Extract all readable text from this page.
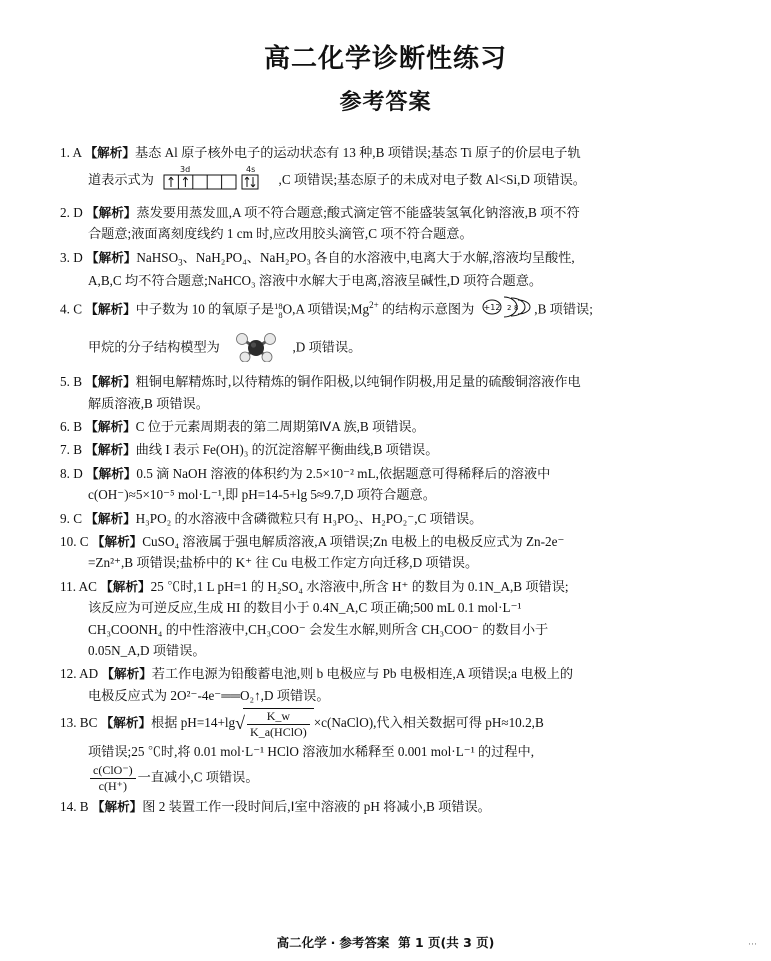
高二化学诊断性练习
参考答案
1. A 【解析】基态 Al 原子核外电子的运动状态有 13 种,B 项错误;基态 Ti 原子的价层电子轨
道表示式为
3d	4s
,C 项错误;基态原子的未成对电子数 Al<Si,D 项错误。
2. D 【解析】蒸发要用蒸发皿,A 项不符合题意;酸式滴定管不能盛装氢氧化钠溶液,B 项不符
合题意;液面离刻度线约 1 cm 时,应改用胶头滴管,C 项不符合题意。
3. D 【解析】NaHSO$_3$、NaH₂PO₄、NaH₂PO₃ 各自的水溶液中,电离大于水解,溶液均呈酸性,
A,B,C 均不符合题意;NaHCO₃ 溶液中水解大于电离,溶液呈碱性,D 项符合题意。
4. C 【解析】中子数为 10 的氧原子是 18
8 O,A 项错误$;Mg^{2+}$ 的结构示意图为 +12 2 8 ,B 项错误;
甲烷的分子结构模型为	,D 项错误。
5. B 【解析】粗铜电解精炼时,以待精炼的铜作阳极,以纯铜作阴极,用足量的硫酸铜溶液作电
解质溶液,B 项错误。
6. B 【解析】C 位于元素周期表的第二周期第ⅣA 族,B 项错误。
7. B 【解析】曲线 I 表示 Fe(OH)₃ 的沉淀溶解平衡曲线,B 项错误。
8. D 【解析】0.5 滴 NaOH 溶液的体积约为 2.5×10⁻² mL,依据题意可得稀释后的溶液中
c(OH⁻)≈5×10⁻⁵ mol·L⁻¹,即 pH=14-5+lg 5≈9.7,D 项符合题意。
9. C 【解析】H₃PO₂ 的水溶液中含磷微粒只有 H₃PO₂、H₂PO₂⁻,C 项错误。
10. C 【解析】CuSO₄ 溶液属于强电解质溶液,A 项错误;Zn 电极上的电极反应式为 Zn-2e⁻
=Zn²⁺,B 项错误;盐桥中的 K⁺ 往 Cu 电极工作定方向迁移,D 项错误。
11. AC 【解析】25 ℃时,1 L pH=1 的 H₂SO₄ 水溶液中,所含 H⁺ 的数目为 0.1N_A,B 项错误;
该反应为可逆反应,生成 HI 的数目小于 0.4N_A,C 项正确;500 mL 0.1 mol·L⁻¹
CH₃COONH₄ 的中性溶液中,CH₃COO⁻ 会发生水解,则所含 CH₃COO⁻ 的数目小于
0.05N_A,D 项错误。
12. AD 【解析】若工作电源为铅酸蓄电池,则 b 电极应与 Pb 电极相连,A 项错误;a 电极上的
电极反应式为 2O²⁻-4e⁻══O₂↑,D 项错误。
13. BC 【解析】根据 $pH=14+\lg√ \frac{K\_w}{\text{K\_a(HClO)}}$ ×c(NaClO),代入相关数据可得 pH≈10.2,B
项错误;25 ℃时,将 0.01 mol·L⁻¹ HClO 溶液加水稀释至 0.001 mol·L⁻¹ 的过程中,
$\frac{\text{c(ClO⁻)}}{c(H^+)}$ 一直减小,C 项错误。
14. B 【解析】图 2 装置工作一段时间后,Ⅰ室中溶液的 pH 将减小,B 项错误。
高二化学 · 参考答案 第 1 页(共 3 页)	···
